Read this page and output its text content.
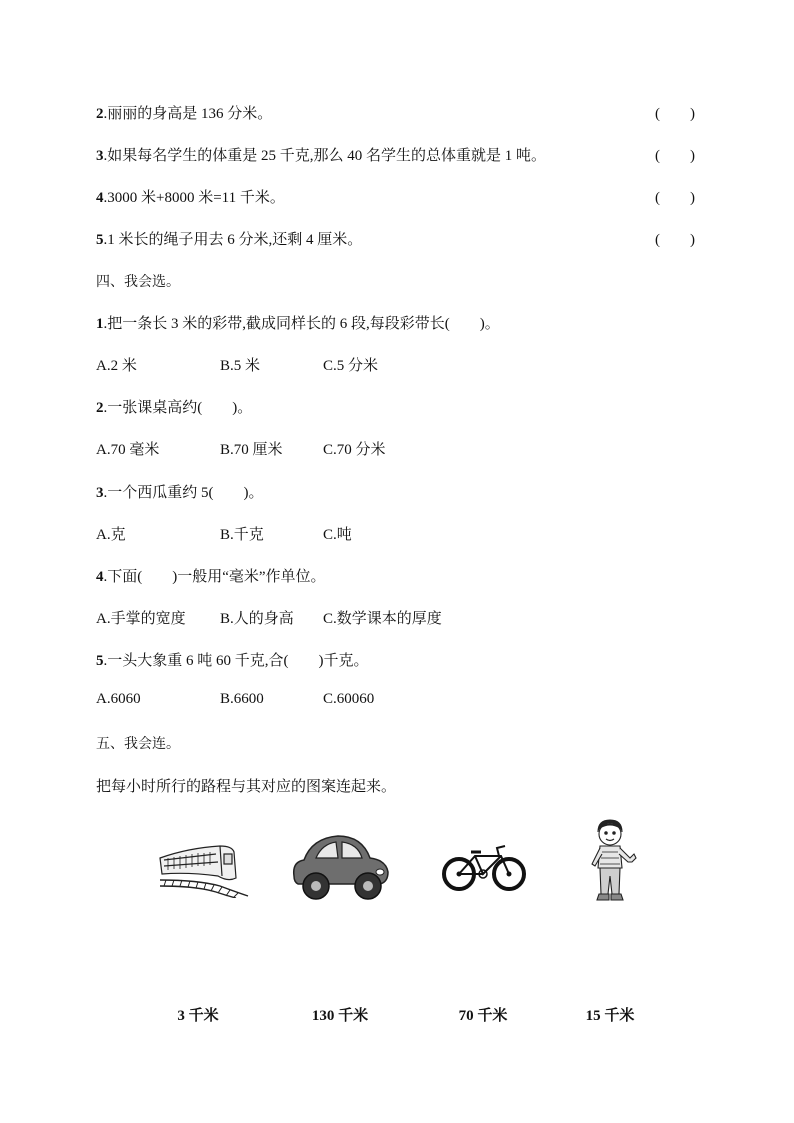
2.丽丽的身高是 136 分米。	(　　)
3.如果每名学生的体重是 25 千克,那么 40 名学生的总体重就是 1 吨。	(　　)
4.3000 米+8000 米=11 千米。	(　　)
5.1 米长的绳子用去 6 分米,还剩 4 厘米。	(　　)
四、我会选。
1.把一条长 3 米的彩带,截成同样长的 6 段,每段彩带长(　　)。
A.2 米	B.5 米	C.5 分米
2.一张课桌高约(　　)。
A.70 毫米	B.70 厘米	C.70 分米
3.一个西瓜重约 5(　　)。
A.克	B.千克	C.吨
4.下面(　　)一般用“毫米”作单位。
A.手掌的宽度 B.人的身高 C.数学课本的厚度
5.一头大象重 6 吨 60 千克,合(　　)千克。
A.6060	B.6600	C.60060
五、我会连。
把每小时所行的路程与其对应的图案连起来。
3 千米	130 千米	70 千米	15 千米
